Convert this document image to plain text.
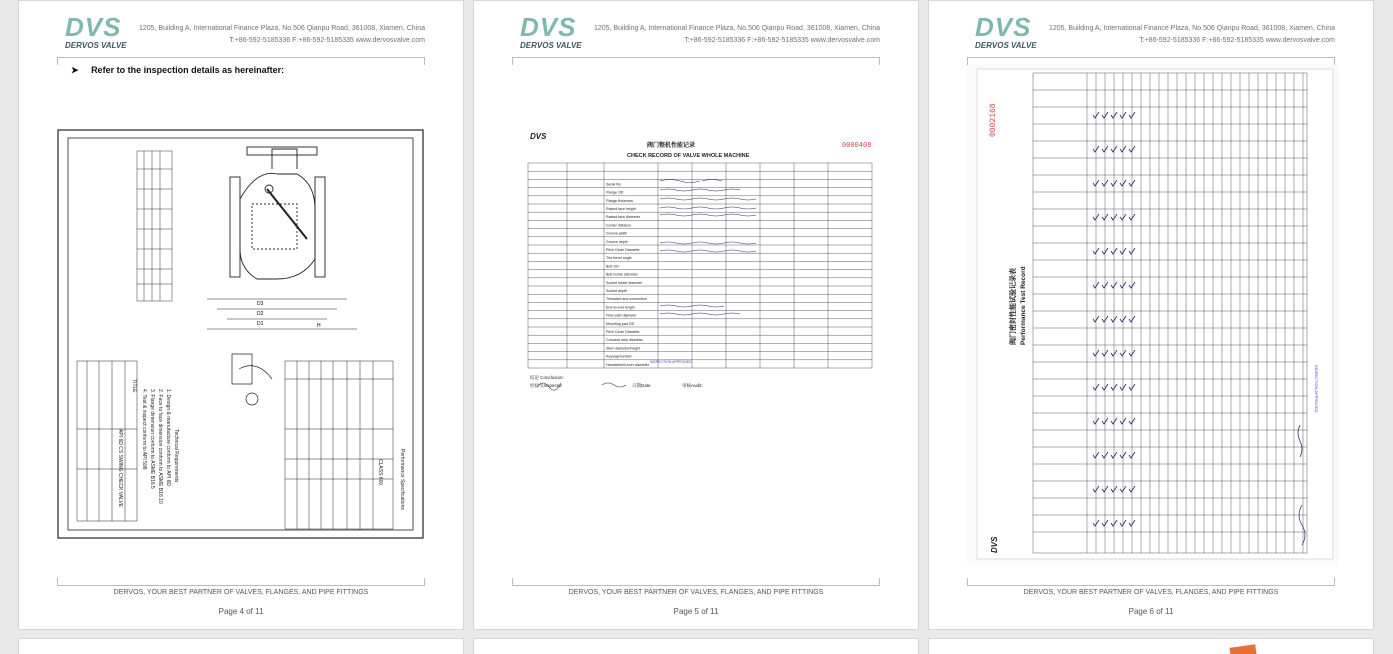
DVS
DERVOS VALVE
1205, Building A, International Finance Plaza, No.506 Qianpu Road, 361008, Xiamen, China
T:+86-592-5185336 F:+86-592-5185335 www.dervosvalve.com
➤ Refer to the inspection details as hereinafter:
D3
D2
D1	H
Technical Requirements
1. Design & manufacture conform to API 6D
2. Face to face dimension conform to ASME B16.10
3. Flange dimension conform to ASME B16.5
4. Test & inspect conform to API 598
TITLE
API 6D CS SWING CHECK VALVE	Performance Specifications
CLASS 600
DERVOS, YOUR BEST PARTNER OF VALVES, FLANGES, AND PIPE FITTINGS
Page 4 of 11
DVS
DERVOS VALVE
1205, Building A, International Finance Plaza, No.506 Qianpu Road, 361008, Xiamen, China
T:+86-592-5185336 F:+86-592-5185335 www.dervosvalve.com
DVS
阀门整机性能记录
CHECK RECORD OF VALVE WHOLE MACHINE
0000408
Serial No.
Flange OD
Flange thickness
Raised face height
Raised face diameter
Center distance
Groove width
Groove depth
Pitch Circle Diameter
The bevel angle
Butt OD
Butt inside diameter
Socket inside diameter
Socket depth
Threaded and connection
End-to-end length
Flow path diameter
Mounting pad OD
Pitch Circle Diameter
Concave step diameter
Stem diameter/height
Keyway/number
Handwheel/Lever diameter
INSPECTION APPROVED
结论 Conclusion:
检验员Inspector	日期Date	审核Audit:
DERVOS, YOUR BEST PARTNER OF VALVES, FLANGES, AND PIPE FITTINGS
Page 5 of 11
DVS
DERVOS VALVE
1205, Building A, International Finance Plaza, No.506 Qianpu Road, 361008, Xiamen, China
T:+86-592-5185336 F:+86-592-5185335 www.dervosvalve.com
阀门密封性能试验记录表 Performance Test Record
0002168
DVS
INSPECTION APPROVED
DERVOS, YOUR BEST PARTNER OF VALVES, FLANGES, AND PIPE FITTINGS
Page 6 of 11
